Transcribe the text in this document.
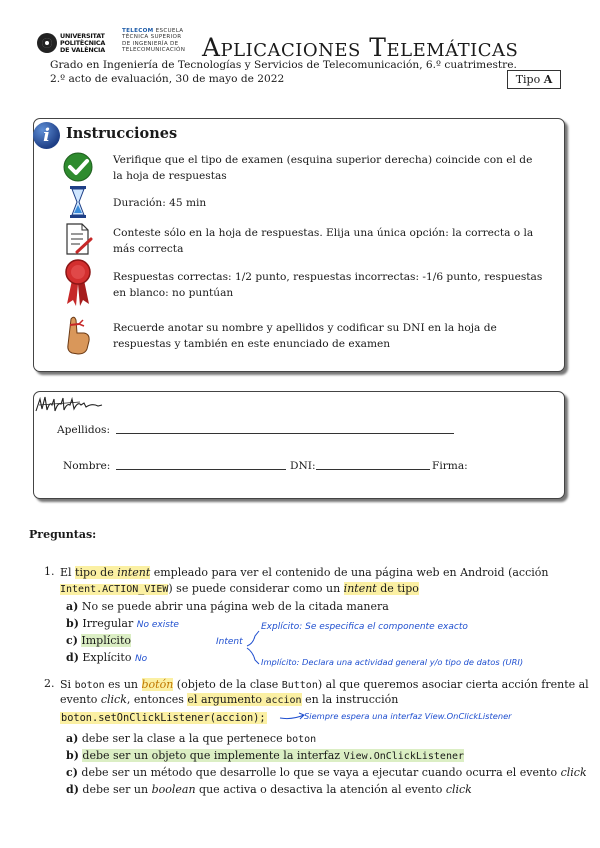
UNIVERSITAT
POLITÈCNICA
DE VALÈNCIA
TELECOM ESCUELA
TÉCNICA SUPERIOR
DE INGENIERÍA DE
TELECOMUNICACIÓN Aplicaciones Telemáticas
Grado en Ingeniería de Tecnologías y Servicios de Telecomunicación, 6.º cuatrimestre.
2.º acto de evaluación, 30 de mayo de 2022	Tipo A
i	Instrucciones
Verifique que el tipo de examen (esquina superior derecha) coincide con el de la hoja de respuestas
Duración: 45 min
Conteste sólo en la hoja de respuestas. Elija una única opción: la correcta o la más correcta
Respuestas correctas: 1/2 punto, respuestas incorrectas: -1/6 punto, respuestas en blanco: no puntúan
Recuerde anotar su nombre y apellidos y codificar su DNI en la hoja de respuestas y también en este enunciado de examen
Apellidos:
Nombre:	DNI:	Firma:
Preguntas:
1. El tipo de intent empleado para ver el contenido de una página web en Android (acción
Intent.ACTION_VIEW) se puede considerar como un intent de tipo
a) No se puede abrir una página web de la citada manera
b) Irregular No existe
c) Implícito
d) Explícito No
Intent
Explícito: Se especifica el componente exacto
Implícito: Declara una actividad general y/o tipo de datos (URI)
2. Si boton es un botón (objeto de la clase Button) al que queremos asociar cierta acción frente al
evento click, entonces el argumento accion en la instrucción
boton.setOnClickListener(accion);	Siempre espera una interfaz View.OnClickListener
a) debe ser la clase a la que pertenece boton
b) debe ser un objeto que implemente la interfaz View.OnClickListener
c) debe ser un método que desarrolle lo que se vaya a ejecutar cuando ocurra el evento click
d) debe ser un boolean que activa o desactiva la atención al evento click
